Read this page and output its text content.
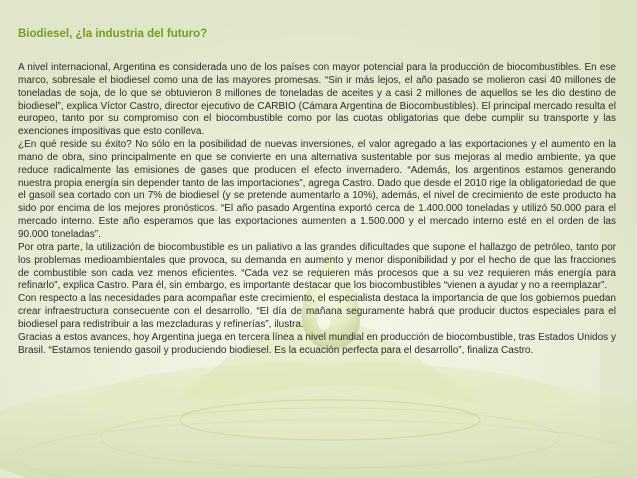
Biodiesel, ¿la industria del futuro?

A nivel internacional, Argentina es considerada uno de los países con mayor potencial para la producción de biocombustibles. En ese marco, sobresale el biodiesel como una de las mayores promesas. “Sin ir más lejos, el año pasado se molieron casi 40 millones de toneladas de soja, de lo que se obtuvieron 8 millones de toneladas de aceites y a casi 2 millones de aquellos se les dio destino de biodiesel”, explica Víctor Castro, director ejecutivo de CARBIO (Cámara Argentina de Biocombustibles). El principal mercado resulta el europeo, tanto por su compromiso con el biocombustible como por las cuotas obligatorias que debe cumplir su transporte y las exenciones impositivas que esto conlleva.

¿En qué reside su éxito? No sólo en la posibilidad de nuevas inversiones, el valor agregado a las exportaciones y el aumento en la mano de obra, sino principalmente en que se convierte en una alternativa sustentable por sus mejoras al medio ambiente, ya que reduce radicalmente las emisiones de gases que producen el efecto invernadero. “Además, los argentinos estamos generando nuestra propia energía sin depender tanto de las importaciones”, agrega Castro. Dado que desde el 2010 rige la obligatoriedad de que el gasoil sea cortado con un 7% de biodiesel (y se pretende aumentarlo a 10%), además, el nivel de crecimiento de este producto ha sido por encima de los mejores pronósticos. “El año pasado Argentina exportó cerca de 1.400.000 toneladas y utilizó 50.000 para el mercado interno. Este año esperamos que las exportaciones aumenten a 1.500.000 y el mercado interno esté en el orden de las 90.000 toneladas”.

Por otra parte, la utilización de biocombustible es un paliativo a las grandes dificultades que supone el hallazgo de petróleo, tanto por los problemas medioambientales que provoca, su demanda en aumento y menor disponibilidad y por el hecho de que las fracciones de combustible son cada vez menos eficientes. “Cada vez se requieren más procesos que a su vez requieren más energía para refinarlo”, explica Castro. Para él, sin embargo, es importante destacar que los biocombustibles “vienen a ayudar y no a reemplazar”.

Con respecto a las necesidades para acompañar este crecimiento, el especialista destaca la importancia de que los gobiernos puedan crear infraestructura consecuente con el desarrollo. “El día de mañana seguramente habrá que producir ductos especiales para el biodiesel para redistribuir a las mezcladuras y refinerías”, ilustra.

Gracias a estos avances, hoy Argentina juega en tercera línea a nivel mundial en producción de biocombustible, tras Estados Unidos y Brasil. “Estamos teniendo gasoil y produciendo biodiesel. Es la ecuación perfecta para el desarrollo”, finaliza Castro.
